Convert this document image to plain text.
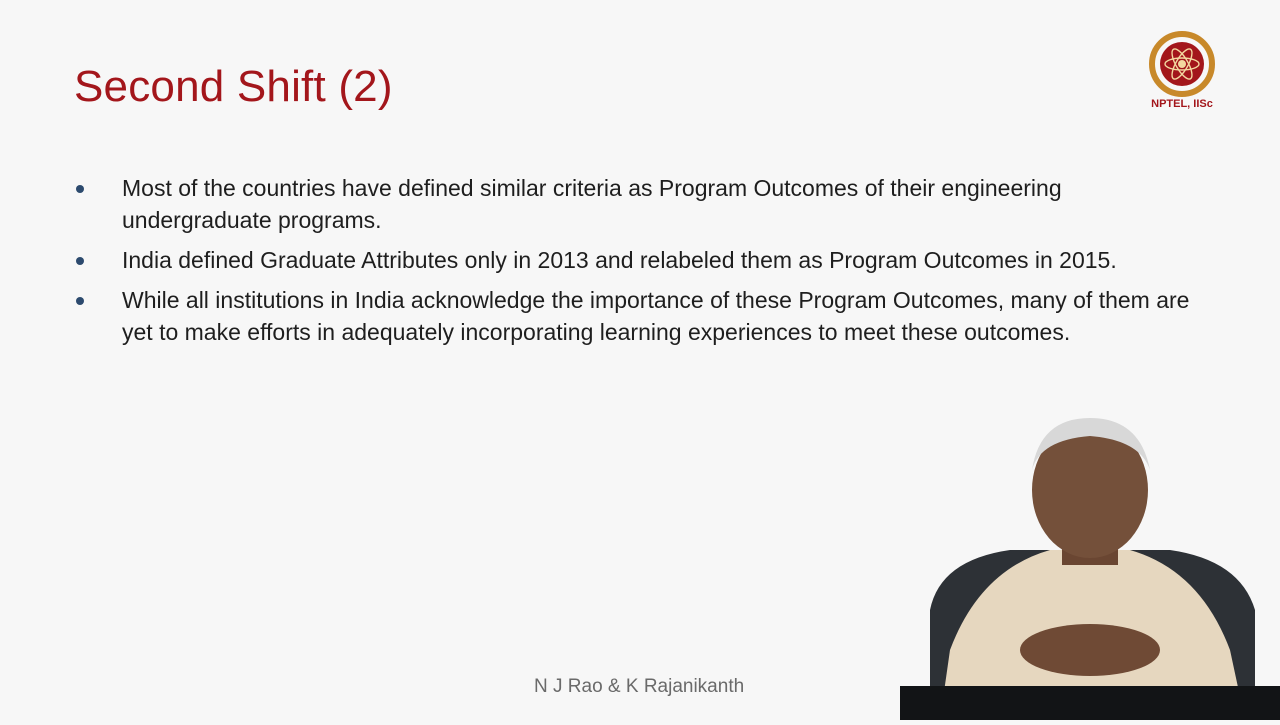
Second Shift (2)	NPTEL, IISc
Most of the countries have defined similar criteria as Program Outcomes of their engineering undergraduate programs.
India defined Graduate Attributes only in 2013 and relabeled them as Program Outcomes in 2015.
While all institutions in India acknowledge the importance of these Program Outcomes, many of them are yet to make efforts in adequately incorporating learning experiences to meet these outcomes.
N J Rao & K Rajanikanth
